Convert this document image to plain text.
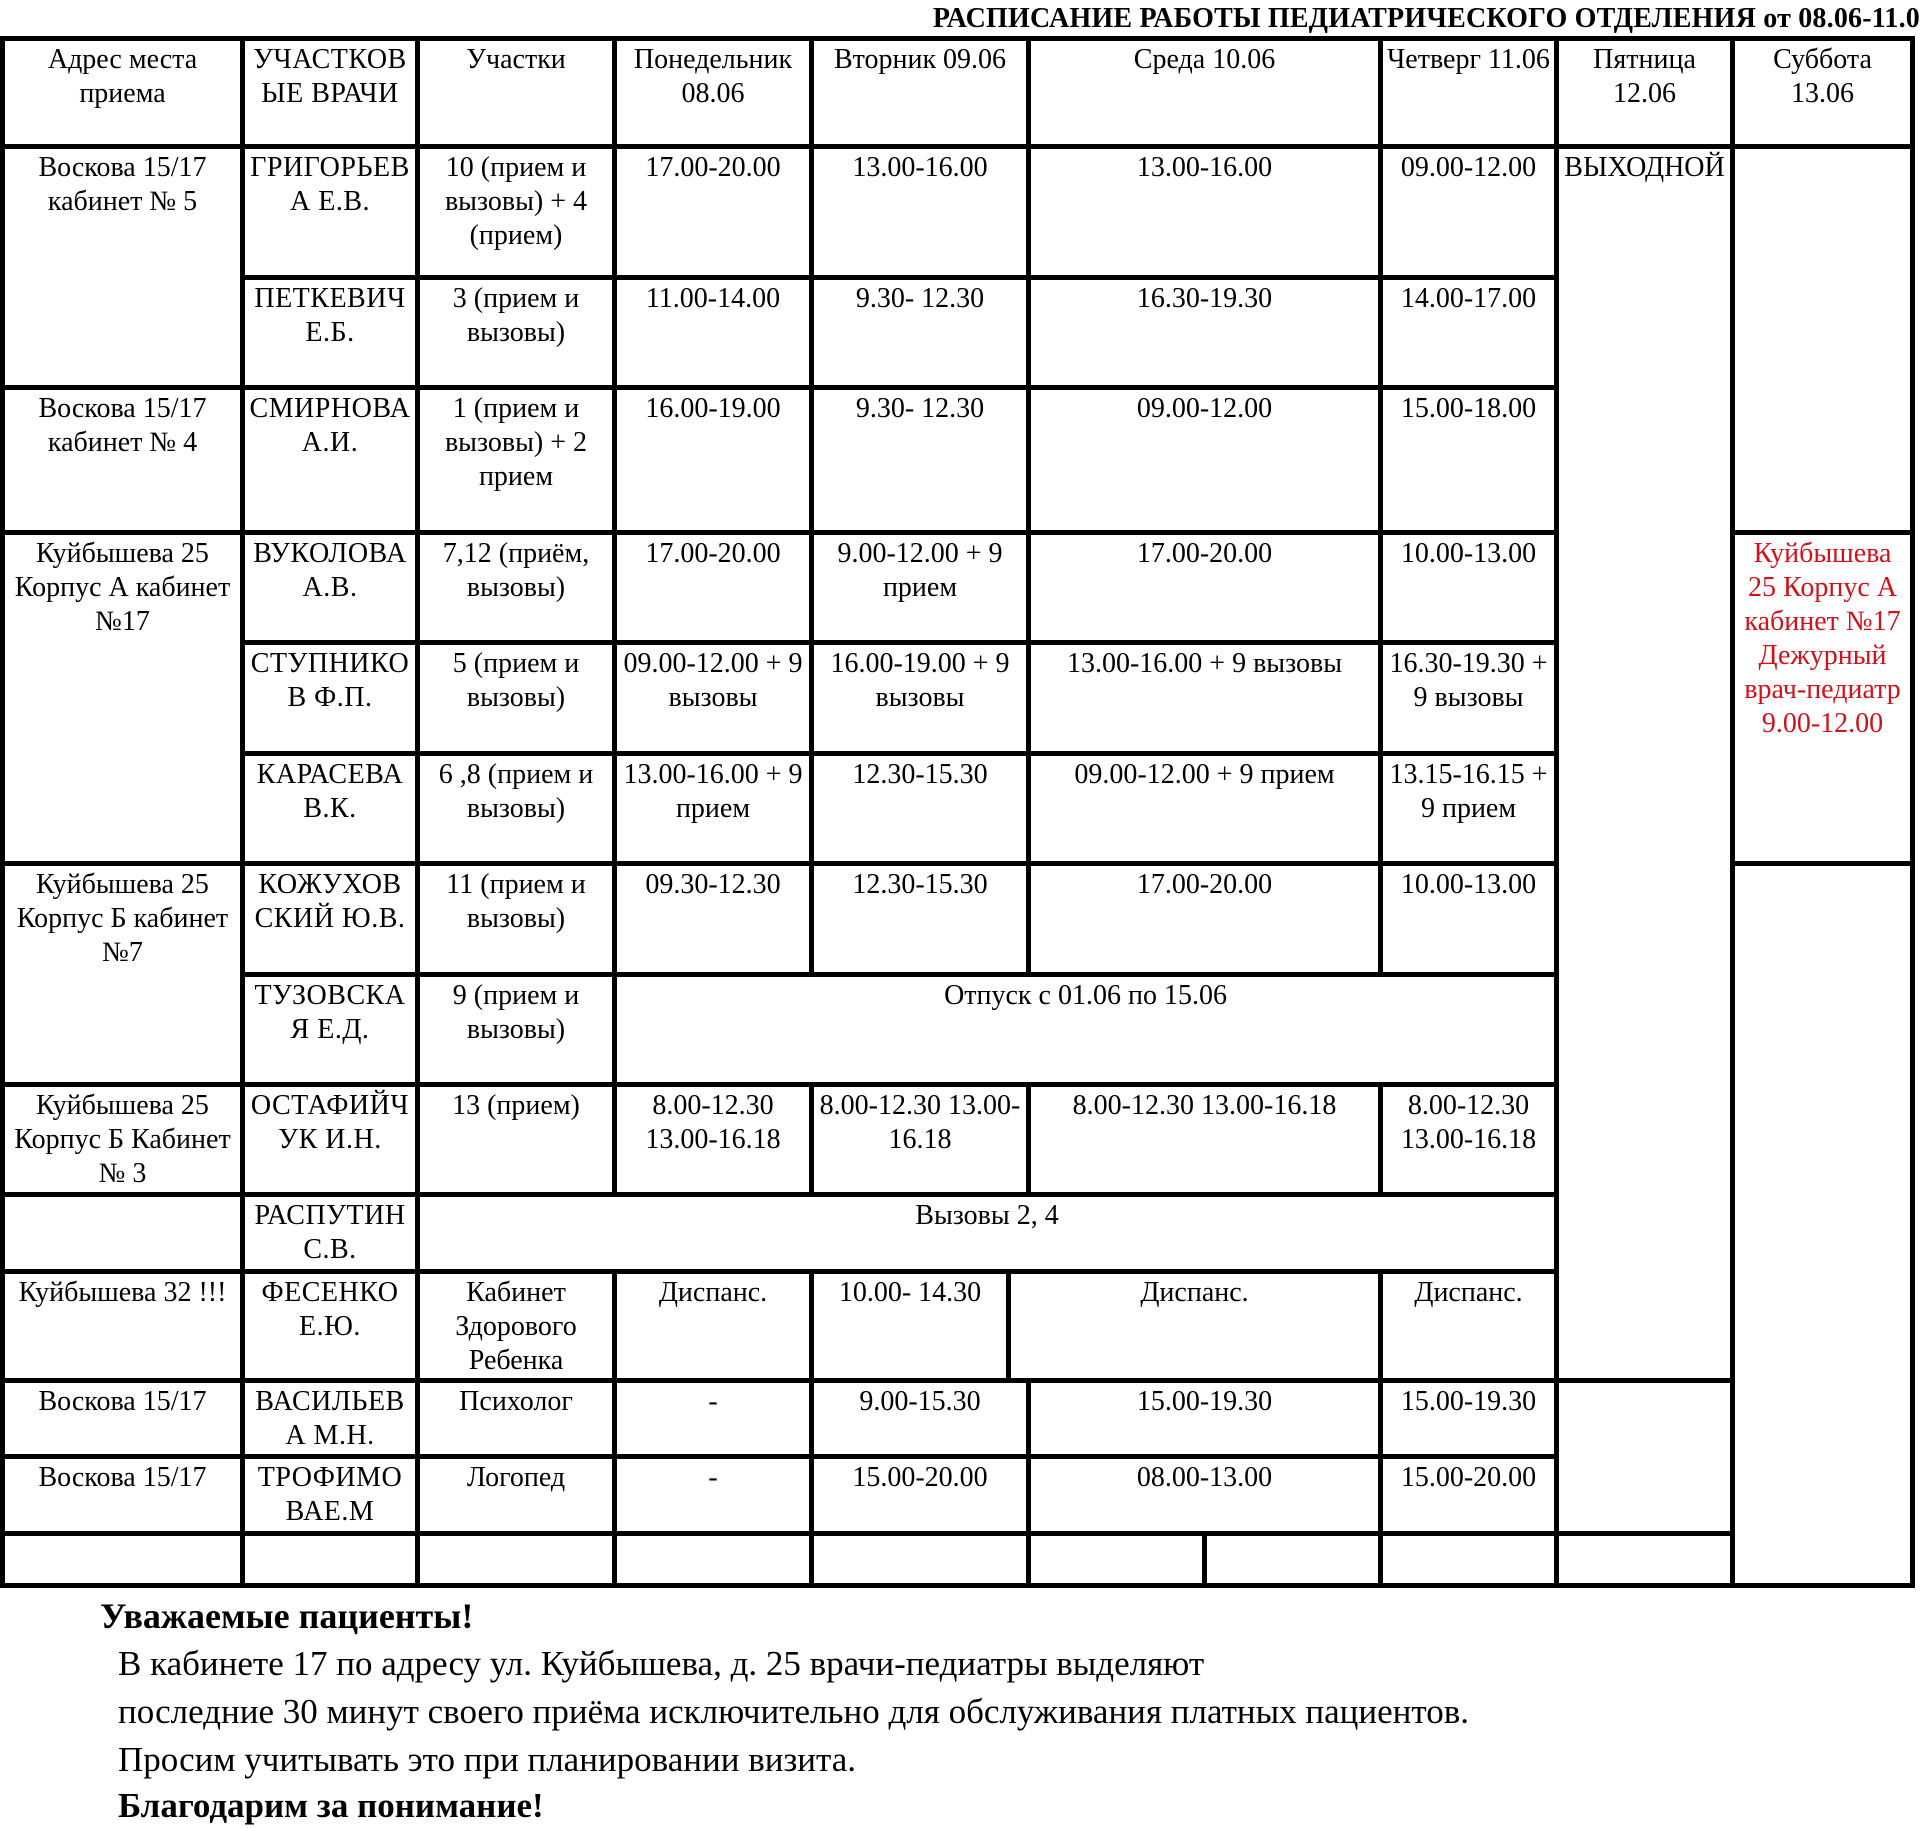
РАСПИСАНИЕ РАБОТЫ ПЕДИАТРИЧЕСКОГО ОТДЕЛЕНИЯ от 08.06-11.0
Адрес места приема	УЧАСТКОВЫЕ ВРАЧИ	Участки	Понедельник 08.06	Вторник 09.06		Среда 10.06		Четверг 11.06	Пятница 12.06	Суббота 13.06	
Воскова 15/17 кабинет № 5	ГРИГОРЬЕВА Е.В.	10 (прием и вызовы) + 4 (прием)	17.00-20.00	13.00-16.00		13.00-16.00		09.00-12.00	ВЫХОДНОЙ		
	ПЕТКЕВИЧ Е.Б.	3 (прием и вызовы)	11.00-14.00	9.30- 12.30		16.30-19.30		14.00-17.00			
Воскова 15/17 кабинет № 4	СМИРНОВА А.И.	1 (прием и вызовы) + 2 прием	16.00-19.00	9.30- 12.30		09.00-12.00		15.00-18.00			
Куйбышева 25 Корпус А кабинет №17	ВУКОЛОВА А.В.	7,12 (приём, вызовы)	17.00-20.00	9.00-12.00 + 9 прием		17.00-20.00		10.00-13.00		Куйбышева 25 Корпус А кабинет №17 Дежурный врач-педиатр 9.00-12.00	
	СТУПНИКОВ Ф.П.	5 (прием и вызовы)	09.00-12.00 + 9 вызовы	16.00-19.00 + 9 вызовы		13.00-16.00 + 9 вызовы		16.30-19.30 + 9 вызовы			
	КАРАСЕВА В.К.	6 ,8 (прием и вызовы)	13.00-16.00 + 9 прием	12.30-15.30		09.00-12.00 + 9 прием		13.15-16.15 + 9 прием			
Куйбышева 25 Корпус Б кабинет №7	КОЖУХОВСКИЙ Ю.В.	11 (прием и вызовы)	09.30-12.30	12.30-15.30		17.00-20.00		10.00-13.00			
	ТУЗОВСКАЯ Е.Д.	9 (прием и вызовы)	Отпуск с 01.06 по 15.06								
Куйбышева 25 Корпус Б Кабинет № 3	ОСТАФИЙЧУК И.Н.	13 (прием)	8.00-12.30 13.00-16.18	8.00-12.30 13.00-16.18		8.00-12.30 13.00-16.18		8.00-12.30 13.00-16.18			
	РАСПУТИН С.В.	Вызовы 2, 4									
Куйбышева 32 !!!	ФЕСЕНКО Е.Ю.	Кабинет Здорового Ребенка	Диспанс.	10.00- 14.30	Диспанс.			Диспанс.			
Воскова 15/17	ВАСИЛЬЕВА М.Н.	Психолог	-	9.00-15.30		15.00-19.30		15.00-19.30			
Воскова 15/17	ТРОФИМОВАЕ.М	Логопед	-	15.00-20.00		08.00-13.00		15.00-20.00			

Уважаемые пациенты!
В кабинете 17 по адресу ул. Куйбышева, д. 25 врачи-педиатры выделяют
последние 30 минут своего приёма исключительно для обслуживания платных пациентов.
Просим учитывать это при планировании визита.
Благодарим за понимание!
